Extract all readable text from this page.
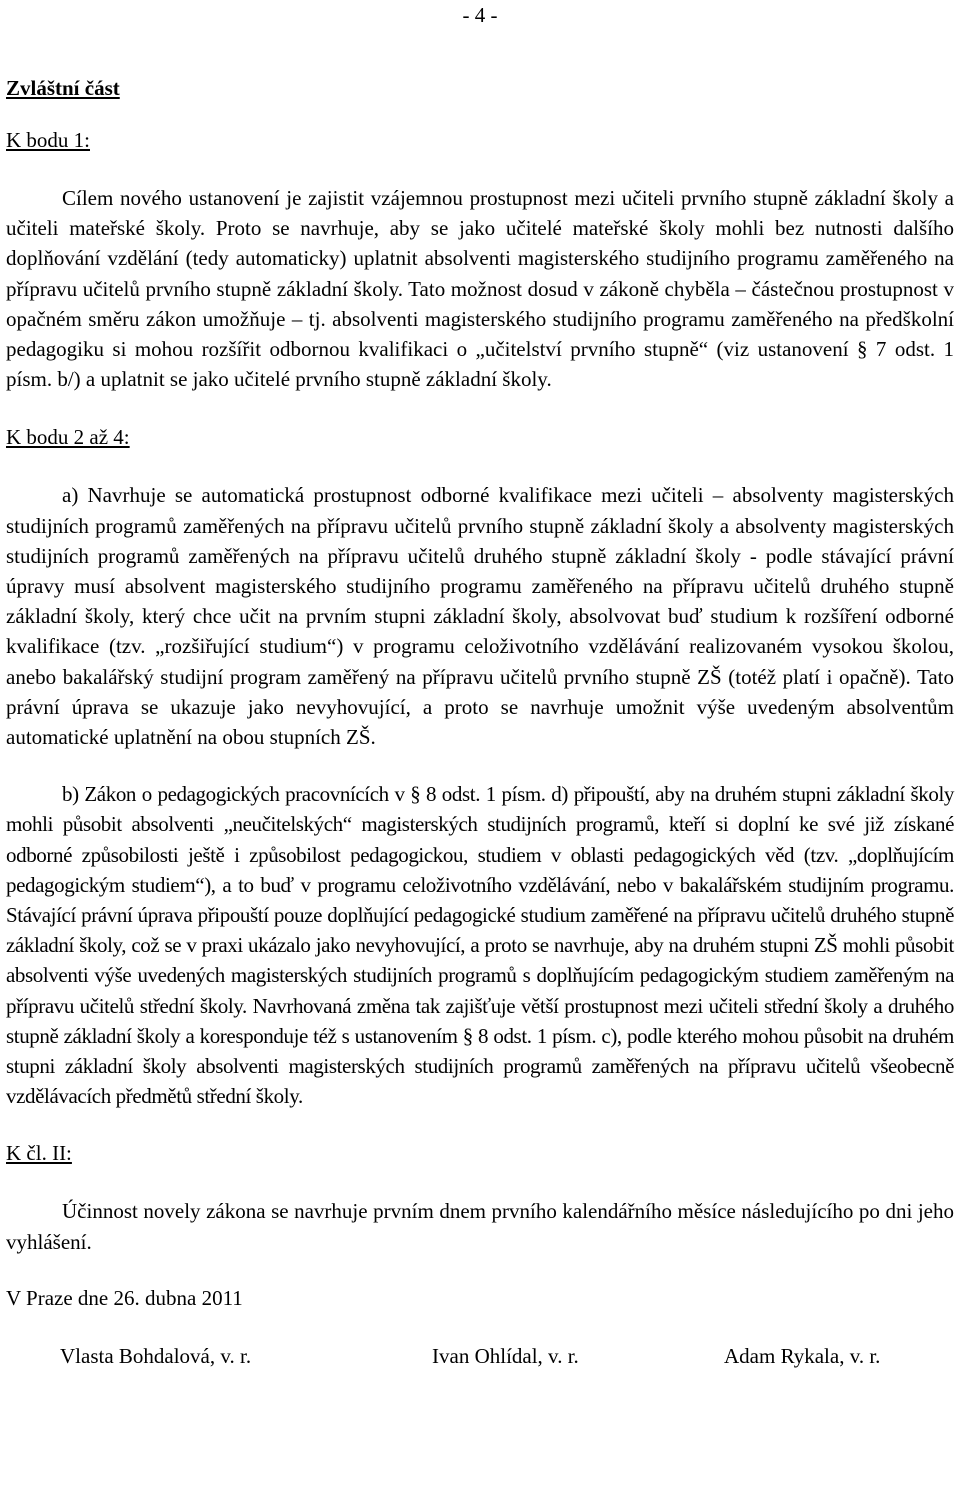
- 4 -

Zvláštní část

K bodu 1:

Cílem nového ustanovení je zajistit vzájemnou prostupnost mezi učiteli prvního stupně základní školy a učiteli mateřské školy. Proto se navrhuje, aby se jako učitelé mateřské školy mohli bez nutnosti dalšího doplňování vzdělání (tedy automaticky) uplatnit absolventi magisterského studijního programu zaměřeného na přípravu učitelů prvního stupně základní školy. Tato možnost dosud v zákoně chyběla – částečnou prostupnost v opačném směru zákon umožňuje – tj. absolventi magisterského studijního programu zaměřeného na předškolní pedagogiku si mohou rozšířit odbornou kvalifikaci o „učitelství prvního stupně“ (viz ustanovení § 7 odst. 1 písm. b/) a uplatnit se jako učitelé prvního stupně základní školy.

K bodu 2 až 4:

a) Navrhuje se automatická prostupnost odborné kvalifikace mezi učiteli – absolventy magisterských studijních programů zaměřených na přípravu učitelů prvního stupně základní školy a absolventy magisterských studijních programů zaměřených na přípravu učitelů druhého stupně základní školy - podle stávající právní úpravy musí absolvent magisterského studijního programu zaměřeného na přípravu učitelů druhého stupně základní školy, který chce učit na prvním stupni základní školy, absolvovat buď studium k rozšíření odborné kvalifikace (tzv. „rozšiřující studium“) v programu celoživotního vzdělávání realizovaném vysokou školou, anebo bakalářský studijní program zaměřený na přípravu učitelů prvního stupně ZŠ (totéž platí i opačně). Tato právní úprava se ukazuje jako nevyhovující, a proto se navrhuje umožnit výše uvedeným absolventům automatické uplatnění na obou stupních ZŠ.

b) Zákon o pedagogických pracovnících v § 8 odst. 1 písm. d) připouští, aby na druhém stupni základní školy mohli působit absolventi „neučitelských“ magisterských studijních programů, kteří si doplní ke své již získané odborné způsobilosti ještě i způsobilost pedagogickou, studiem v oblasti pedagogických věd (tzv. „doplňujícím pedagogickým studiem“), a to buď v programu celoživotního vzdělávání, nebo v bakalářském studijním programu. Stávající právní úprava připouští pouze doplňující pedagogické studium zaměřené na přípravu učitelů druhého stupně základní školy, což se v praxi ukázalo jako nevyhovující, a proto se navrhuje, aby na druhém stupni ZŠ mohli působit absolventi výše uvedených magisterských studijních programů s doplňujícím pedagogickým studiem zaměřeným na přípravu učitelů střední školy. Navrhovaná změna tak zajišťuje větší prostupnost mezi učiteli střední školy a druhého stupně základní školy a koresponduje též s ustanovením § 8 odst. 1 písm. c), podle kterého mohou působit na druhém stupni základní školy absolventi magisterských studijních programů zaměřených na přípravu učitelů všeobecně vzdělávacích předmětů střední školy.

K čl. II:

Účinnost novely zákona se navrhuje prvním dnem prvního kalendářního měsíce následujícího po dni jeho vyhlášení.

V Praze dne 26. dubna 2011

Vlasta Bohdalová, v. r.	Ivan Ohlídal, v. r.	Adam Rykala, v. r.
